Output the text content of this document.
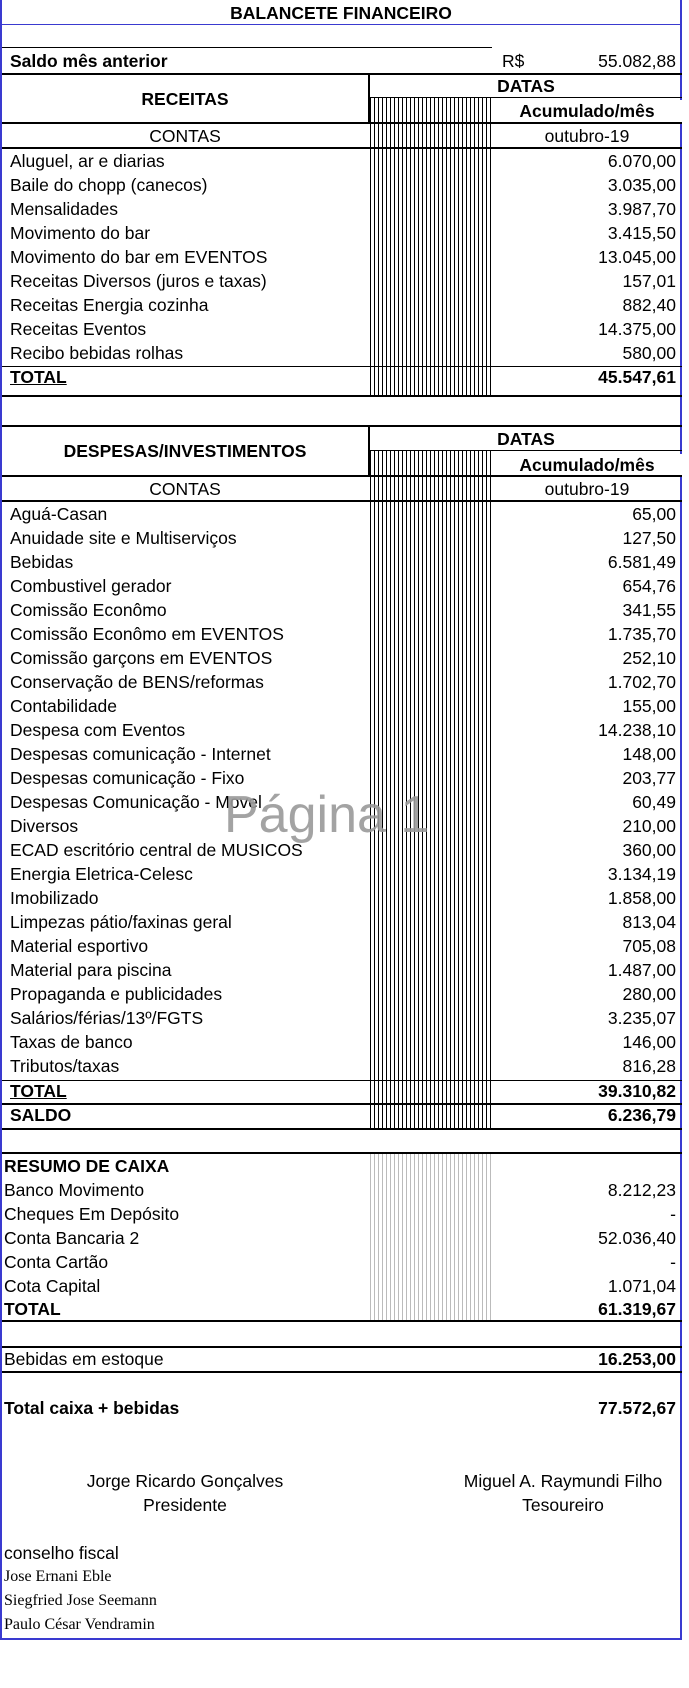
BALANCETE FINANCEIRO
Saldo mês anterior	R$	55.082,88
RECEITAS
DATAS
Acumulado/mês
CONTAS	outubro-19
Aluguel, ar e diarias	6.070,00
Baile do chopp (canecos)	3.035,00
Mensalidades	3.987,70
Movimento do bar	3.415,50
Movimento do bar em EVENTOS	13.045,00
Receitas Diversos (juros e taxas)	157,01
Receitas Energia cozinha	882,40
Receitas Eventos	14.375,00
Recibo bebidas rolhas	580,00
TOTAL	45.547,61
DESPESAS/INVESTIMENTOS
DATAS
Acumulado/mês
CONTAS	outubro-19
Aguá-Casan	65,00
Anuidade site e Multiserviços	127,50
Bebidas	6.581,49
Combustivel gerador	654,76
Comissão Econômo	341,55
Comissão Econômo em EVENTOS	1.735,70
Comissão garçons em EVENTOS	252,10
Conservação de BENS/reformas	1.702,70
Contabilidade	155,00
Despesa com Eventos	14.238,10
Despesas comunicação - Internet	148,00
Despesas comunicação - Fixo	203,77
Despesas Comunicação - Movel	60,49
Diversos	210,00
ECAD escritório central de MUSICOS	360,00
Energia Eletrica-Celesc	3.134,19
Imobilizado	1.858,00
Limpezas pátio/faxinas geral	813,04
Material esportivo	705,08
Material para piscina	1.487,00
Propaganda e publicidades	280,00
Salários/férias/13º/FGTS	3.235,07
Taxas de banco	146,00
Tributos/taxas	816,28
TOTAL	39.310,82
SALDO	6.236,79
Página 1
RESUMO DE CAIXA
Banco Movimento	8.212,23
Cheques Em Depósito	-
Conta Bancaria 2	52.036,40
Conta Cartão	-
Cota Capital	1.071,04
TOTAL	61.319,67
Bebidas em estoque	16.253,00
Total caixa + bebidas	77.572,67
Jorge Ricardo Gonçalves
Presidente
Miguel A. Raymundi Filho
Tesoureiro
conselho fiscal
Jose Ernani Eble
Siegfried Jose Seemann
Paulo César Vendramin
